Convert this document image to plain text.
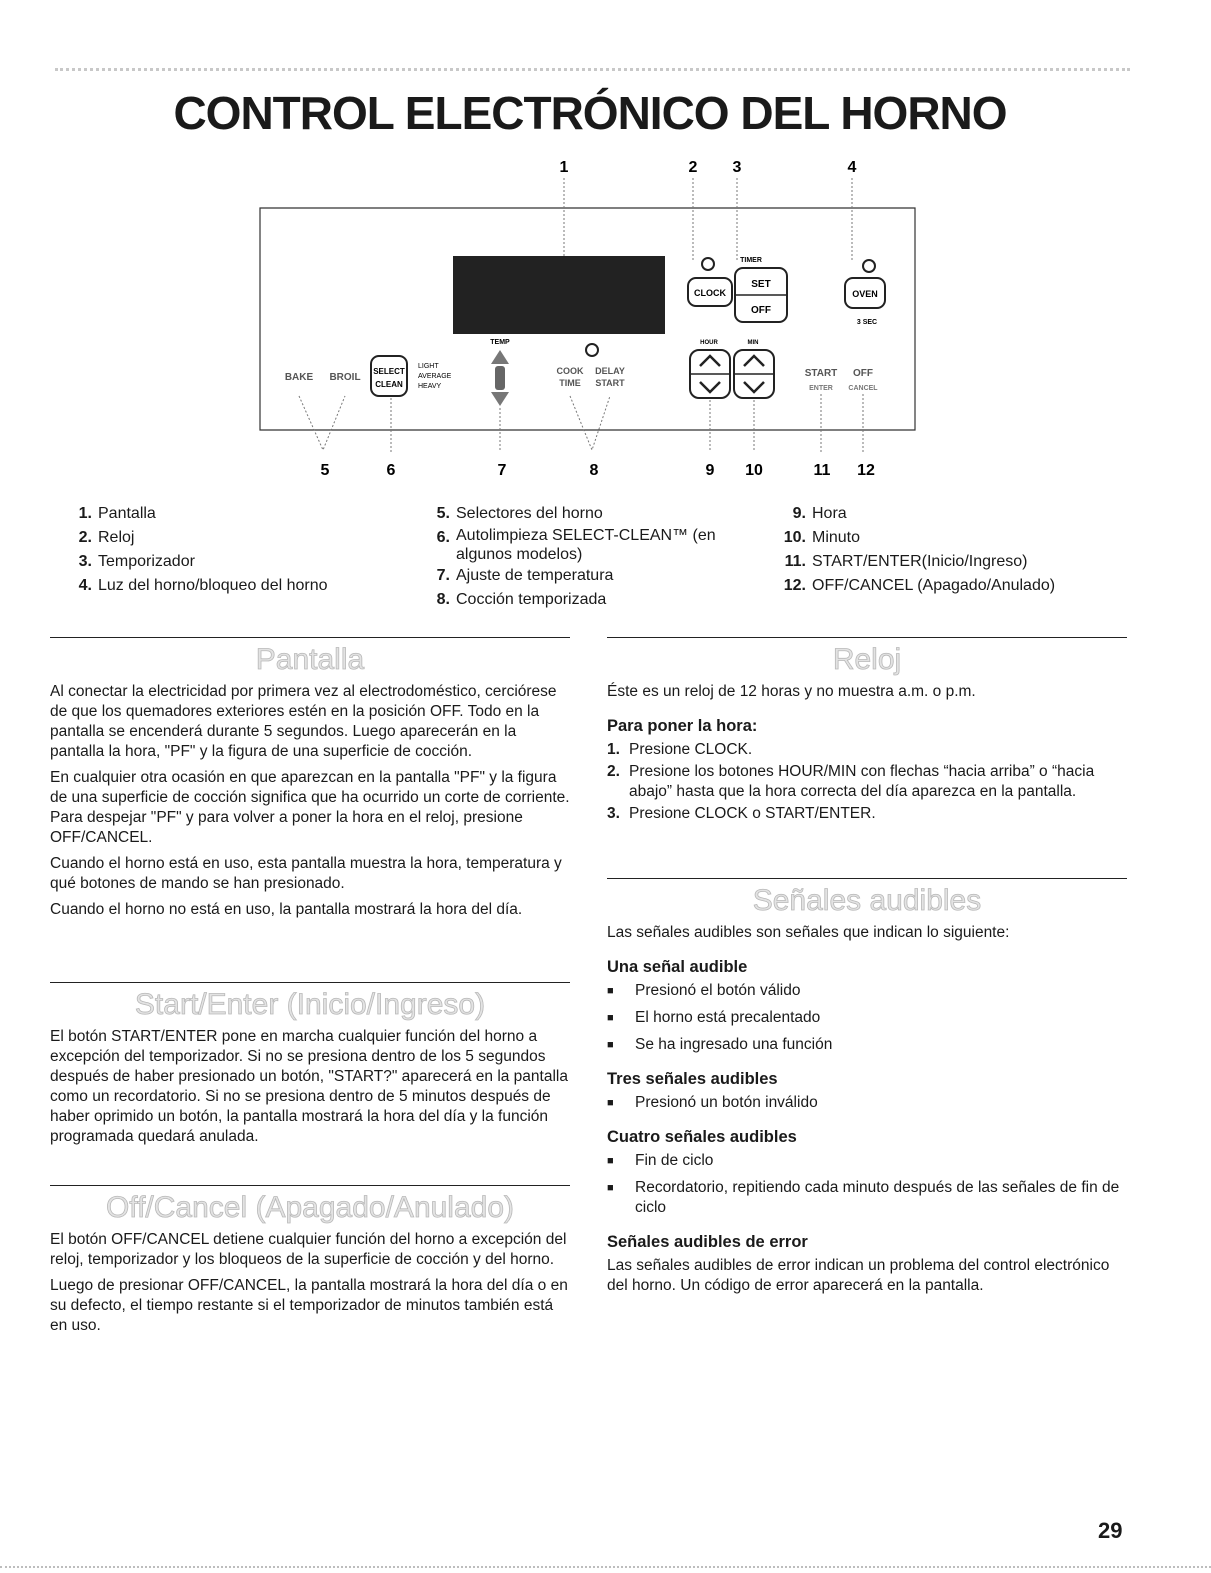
CONTROL ELECTRÓNICO DEL HORNO
1	2 3	4
CLOCK
TIMER
SET
OFF
OVEN
3 SEC
BAKE BROIL
SELECT
CLEAN
LIGHT
AVERAGE
HEAVY
TEMP
COOK
TIME
DELAY
START
HOUR	MIN
START
ENTER
OFF
CANCEL
5	6	7	8	9 10	11 12
1. Pantalla
2. Reloj
3. Temporizador
4. Luz del horno/bloqueo del horno
5. Selectores del horno
6. Autolimpieza SELECT-CLEAN™ (en algunos modelos)
7. Ajuste de temperatura
8. Cocción temporizada
9. Hora
10. Minuto
11. START/ENTER(Inicio/Ingreso)
12. OFF/CANCEL (Apagado/Anulado)
Pantalla

Al conectar la electricidad por primera vez al electrodoméstico, cerciórese de que los quemadores exteriores estén en la posición OFF. Todo en la pantalla se encenderá durante 5 segundos. Luego aparecerán en la pantalla la hora, "PF" y la figura de una superficie de cocción.

En cualquier otra ocasión en que aparezcan en la pantalla "PF" y la figura de una superficie de cocción significa que ha ocurrido un corte de corriente. Para despejar "PF" y para volver a poner la hora en el reloj, presione OFF/CANCEL.

Cuando el horno está en uso, esta pantalla muestra la hora, temperatura y qué botones de mando se han presionado.

Cuando el horno no está en uso, la pantalla mostrará la hora del día.

Start/Enter (Inicio/Ingreso)

El botón START/ENTER pone en marcha cualquier función del horno a excepción del temporizador. Si no se presiona dentro de los 5 segundos después de haber presionado un botón, "START?" aparecerá en la pantalla como un recordatorio. Si no se presiona dentro de 5 minutos después de haber oprimido un botón, la pantalla mostrará la hora del día y la función programada quedará anulada.

Off/Cancel (Apagado/Anulado)

El botón OFF/CANCEL detiene cualquier función del horno a excepción del reloj, temporizador y los bloqueos de la superficie de cocción y del horno.

Luego de presionar OFF/CANCEL, la pantalla mostrará la hora del día o en su defecto, el tiempo restante si el temporizador de minutos también está en uso.

Reloj

Éste es un reloj de 12 horas y no muestra a.m. o p.m.

Para poner la hora:
1. Presione CLOCK.
2. Presione los botones HOUR/MIN con flechas “hacia arriba” o “hacia abajo” hasta que la hora correcta del día aparezca en la pantalla.
3. Presione CLOCK o START/ENTER.
Señales audibles

Las señales audibles son señales que indican lo siguiente:

Una señal audible
■	Presionó el botón válido
■	El horno está precalentado
■	Se ha ingresado una función
Tres señales audibles
■	Presionó un botón inválido
Cuatro señales audibles
■	Fin de ciclo
■	Recordatorio, repitiendo cada minuto después de las señales de fin de ciclo
Señales audibles de error

Las señales audibles de error indican un problema del control electrónico del horno. Un código de error aparecerá en la pantalla.

29
